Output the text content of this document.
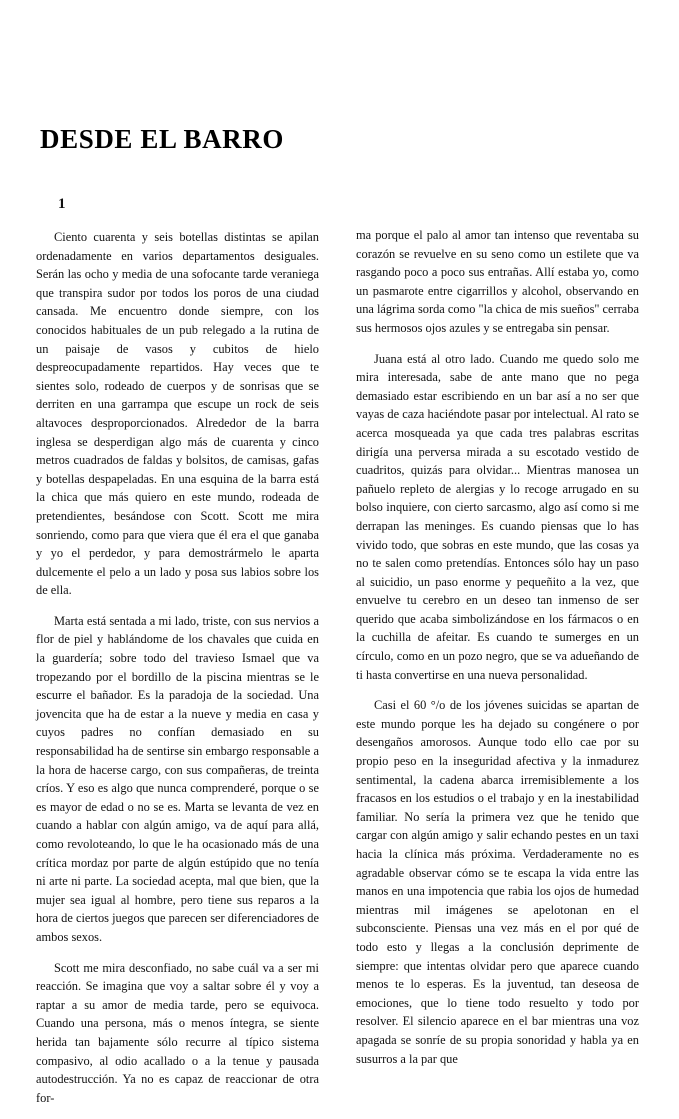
DESDE EL BARRO
1

Ciento cuarenta y seis botellas distintas se apilan ordenadamente en varios departamentos desiguales. Serán las ocho y media de una sofocante tarde veraniega que transpira sudor por todos los poros de una ciudad cansada. Me encuentro donde siempre, con los conocidos habituales de un pub relegado a la rutina de un paisaje de vasos y cubitos de hielo despreocupadamente repartidos. Hay veces que te sientes solo, rodeado de cuerpos y de sonrisas que se derriten en una garrampa que escupe un rock de seis altavoces desproporcionados. Alrededor de la barra inglesa se desperdigan algo más de cuarenta y cinco metros cuadrados de faldas y bolsitos, de camisas, gafas y botellas despapeladas. En una esquina de la barra está la chica que más quiero en este mundo, rodeada de pretendientes, besándose con Scott. Scott me mira sonriendo, como para que viera que él era el que ganaba y yo el perdedor, y para demostrármelo le aparta dulcemente el pelo a un lado y posa sus labios sobre los de ella.

Marta está sentada a mi lado, triste, con sus nervios a flor de piel y hablándome de los chavales que cuida en la guardería; sobre todo del travieso Ismael que va tropezando por el bordillo de la piscina mientras se le escurre el bañador. Es la paradoja de la sociedad. Una jovencita que ha de estar a la nueve y media en casa y cuyos padres no confían demasiado en su responsabilidad ha de sentirse sin embargo responsable a la hora de hacerse cargo, con sus compañeras, de treinta críos. Y eso es algo que nunca comprenderé, porque o se es mayor de edad o no se es. Marta se levanta de vez en cuando a hablar con algún amigo, va de aquí para allá, como revoloteando, lo que le ha ocasionado más de una crítica mordaz por parte de algún estúpido que no tenía ni arte ni parte. La sociedad acepta, mal que bien, que la mujer sea igual al hombre, pero tiene sus reparos a la hora de ciertos juegos que parecen ser diferenciadores de ambos sexos.

Scott me mira desconfiado, no sabe cuál va a ser mi reacción. Se imagina que voy a saltar sobre él y voy a raptar a su amor de media tarde, pero se equivoca. Cuando una persona, más o menos íntegra, se siente herida tan bajamente sólo recurre al típico sistema compasivo, al odio acallado o a la tenue y pausada autodestrucción. Ya no es capaz de reaccionar de otra for-

ma porque el palo al amor tan intenso que reventaba su corazón se revuelve en su seno como un estilete que va rasgando poco a poco sus entrañas. Allí estaba yo, como un pasmarote entre cigarrillos y alcohol, observando en una lágrima sorda como "la chica de mis sueños" cerraba sus hermosos ojos azules y se entregaba sin pensar.

Juana está al otro lado. Cuando me quedo solo me mira interesada, sabe de ante mano que no pega demasiado estar escribiendo en un bar así a no ser que vayas de caza haciéndote pasar por intelectual. Al rato se acerca mosqueada ya que cada tres palabras escritas dirigía una perversa mirada a su escotado vestido de cuadritos, quizás para olvidar... Mientras manosea un pañuelo repleto de alergias y lo recoge arrugado en su bolso inquiere, con cierto sarcasmo, algo así como si me derrapan las meninges. Es cuando piensas que lo has vivido todo, que sobras en este mundo, que las cosas ya no te salen como pretendías. Entonces sólo hay un paso al suicidio, un paso enorme y pequeñito a la vez, que envuelve tu cerebro en un deseo tan inmenso de ser querido que acaba simbolizándose en los fármacos o en la cuchilla de afeitar. Es cuando te sumerges en un círculo, como en un pozo negro, que se va adueñando de ti hasta convertirse en una nueva personalidad.

Casi el 60 °/o de los jóvenes suicidas se apartan de este mundo porque les ha dejado su congénere o por desengaños amorosos. Aunque todo ello cae por su propio peso en la inseguridad afectiva y la inmadurez sentimental, la cadena abarca irremisiblemente a los fracasos en los estudios o el trabajo y en la inestabilidad familiar. No sería la primera vez que he tenido que cargar con algún amigo y salir echando pestes en un taxi hacia la clínica más próxima. Verdaderamente no es agradable observar cómo se te escapa la vida entre las manos en una impotencia que rabia los ojos de humedad mientras mil imágenes se apelotonan en el subconsciente. Piensas una vez más en el por qué de todo esto y llegas a la conclusión deprimente de siempre: que intentas olvidar pero que aparece cuando menos te lo esperas. Es la juventud, tan deseosa de emociones, que lo tiene todo resuelto y todo por resolver. El silencio aparece en el bar mientras una voz apagada se sonríe de su propia sonoridad y habla ya en susurros a la par que
